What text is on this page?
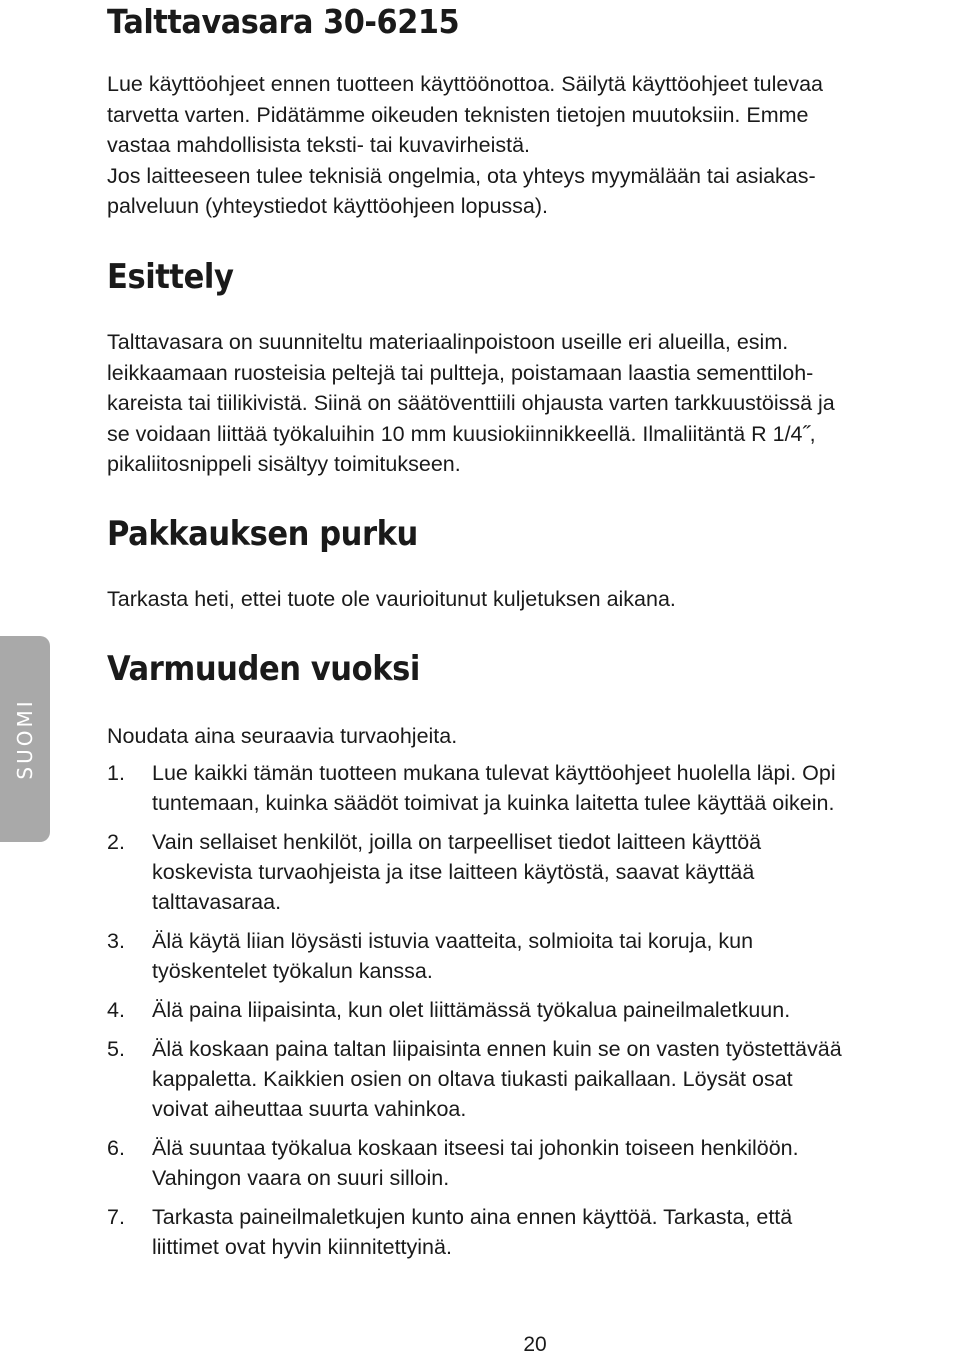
Talttavasara 30-6215

Lue käyttöohjeet ennen tuotteen käyttöönottoa. Säilytä käyttöohjeet tulevaa
tarvetta varten. Pidätämme oikeuden teknisten tietojen muutoksiin. Emme
vastaa mahdollisista teksti- tai kuvavirheistä.
Jos laitteeseen tulee teknisiä ongelmia, ota yhteys myymälään tai asiakas-
palveluun (yhteystiedot käyttöohjeen lopussa).

Esittely

Talttavasara on suunniteltu materiaalinpoistoon useille eri alueilla, esim.
leikkaamaan ruosteisia peltejä tai pultteja, poistamaan laastia sementtiloh-
kareista tai tiilikivistä. Siinä on säätöventtiili ohjausta varten tarkkuustöissä ja
se voidaan liittää työkaluihin 10 mm kuusiokiinnikkeellä. Ilmaliitäntä R 1/4˝,
pikaliitosnippeli sisältyy toimitukseen.

Pakkauksen purku

Tarkasta heti, ettei tuote ole vaurioitunut kuljetuksen aikana.

Varmuuden vuoksi

Noudata aina seuraavia turvaohjeita.

1. Lue kaikki tämän tuotteen mukana tulevat käyttöohjeet huolella läpi. Opi
tuntemaan, kuinka säädöt toimivat ja kuinka laitetta tulee käyttää oikein.
2. Vain sellaiset henkilöt, joilla on tarpeelliset tiedot laitteen käyttöä
koskevista turvaohjeista ja itse laitteen käytöstä, saavat käyttää
talttavasaraa.
3. Älä käytä liian löysästi istuvia vaatteita, solmioita tai koruja, kun
työskentelet työkalun kanssa.
4. Älä paina liipaisinta, kun olet liittämässä työkalua paineilmaletkuun.
5. Älä koskaan paina taltan liipaisinta ennen kuin se on vasten työstettävää
kappaletta. Kaikkien osien on oltava tiukasti paikallaan. Löysät osat
voivat aiheuttaa suurta vahinkoa.
6. Älä suuntaa työkalua koskaan itseesi tai johonkin toiseen henkilöön.
Vahingon vaara on suuri silloin.
7. Tarkasta paineilmaletkujen kunto aina ennen käyttöä. Tarkasta, että
liittimet ovat hyvin kiinnitettyinä.
SUOMI
20
